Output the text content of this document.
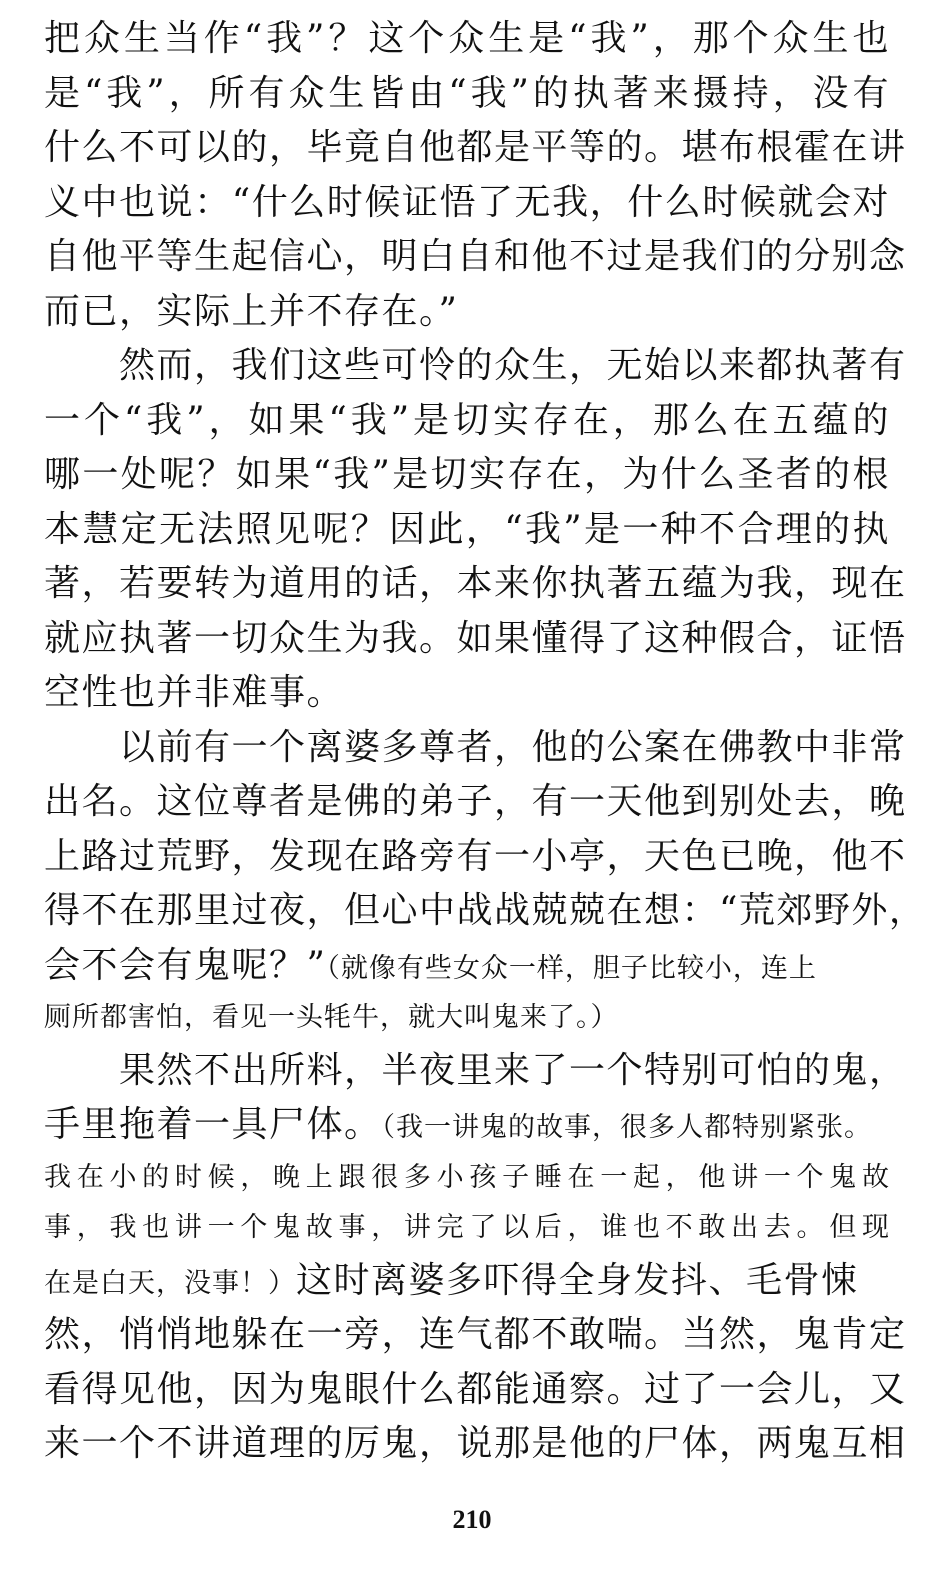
把众生当作“我”？这个众生是“我”，那个众生也
是“我”，所有众生皆由“我”的执著来摄持，没有
什么不可以的，毕竟自他都是平等的。堪布根霍在讲
义中也说：“什么时候证悟了无我，什么时候就会对
自他平等生起信心，明白自和他不过是我们的分别念
而已，实际上并不存在。”
　　然而，我们这些可怜的众生，无始以来都执著有
一个“我”，如果“我”是切实存在，那么在五蕴的
哪一处呢？如果“我”是切实存在，为什么圣者的根
本慧定无法照见呢？因此，“我”是一种不合理的执
著，若要转为道用的话，本来你执著五蕴为我，现在
就应执著一切众生为我。如果懂得了这种假合，证悟
空性也并非难事。
　　以前有一个离婆多尊者，他的公案在佛教中非常
出名。这位尊者是佛的弟子，有一天他到别处去，晚
上路过荒野，发现在路旁有一小亭，天色已晚，他不
得不在那里过夜，但心中战战兢兢在想：“荒郊野外，
会不会有鬼呢？”（就像有些女众一样，胆子比较小，连上
厕所都害怕，看见一头牦牛，就大叫鬼来了。）
　　果然不出所料，半夜里来了一个特别可怕的鬼，
手里拖着一具尸体。（我一讲鬼的故事，很多人都特别紧张。
我在小的时候，晚上跟很多小孩子睡在一起，他讲一个鬼故
事，我也讲一个鬼故事，讲完了以后，谁也不敢出去。但现
在是白天，没事！）这时离婆多吓得全身发抖、毛骨悚
然，悄悄地躲在一旁，连气都不敢喘。当然，鬼肯定
看得见他，因为鬼眼什么都能通察。过了一会儿，又
来一个不讲道理的厉鬼，说那是他的尸体，两鬼互相
210
